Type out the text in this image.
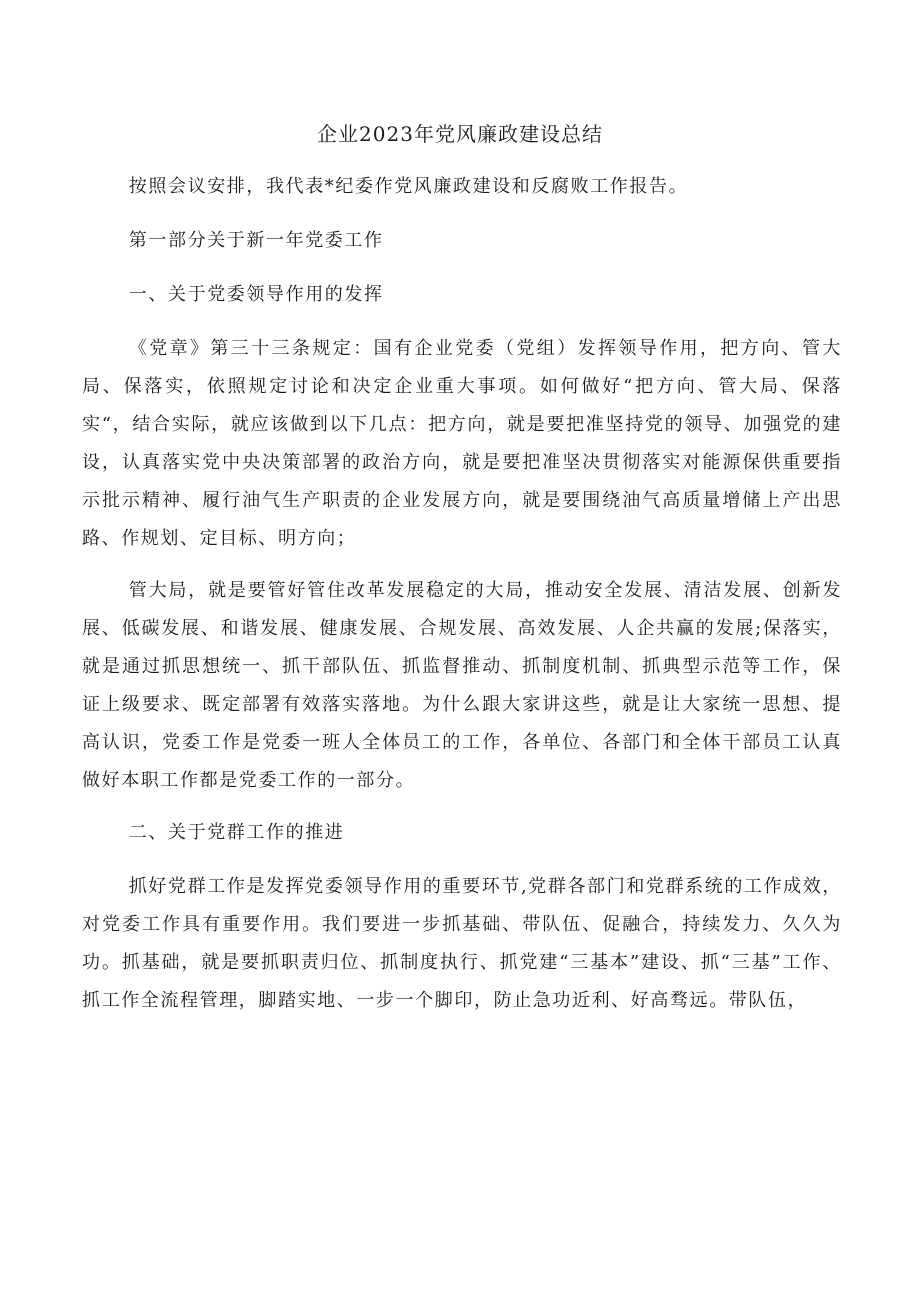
企业2023年党风廉政建设总结

按照会议安排，我代表*纪委作党风廉政建设和反腐败工作报告。

第一部分关于新一年党委工作

一、关于党委领导作用的发挥

《党章》第三十三条规定：国有企业党委（党组）发挥领导作用，把方向、管大局、保落实，依照规定讨论和决定企业重大事项。如何做好“把方向、管大局、保落实“，结合实际，就应该做到以下几点：把方向，就是要把准坚持党的领导、加强党的建设，认真落实党中央决策部署的政治方向，就是要把准坚决贯彻落实对能源保供重要指示批示精神、履行油气生产职责的企业发展方向，就是要围绕油气高质量增储上产出思路、作规划、定目标、明方向；

管大局，就是要管好管住改革发展稳定的大局，推动安全发展、清洁发展、创新发展、低碳发展、和谐发展、健康发展、合规发展、高效发展、人企共赢的发展;保落实，就是通过抓思想统一、抓干部队伍、抓监督推动、抓制度机制、抓典型示范等工作，保证上级要求、既定部署有效落实落地。为什么跟大家讲这些，就是让大家统一思想、提高认识，党委工作是党委一班人全体员工的工作，各单位、各部门和全体干部员工认真做好本职工作都是党委工作的一部分。

二、关于党群工作的推进

抓好党群工作是发挥党委领导作用的重要环节,党群各部门和党群系统的工作成效，对党委工作具有重要作用。我们要进一步抓基础、带队伍、促融合，持续发力、久久为功。抓基础，就是要抓职责归位、抓制度执行、抓党建“三基本”建设、抓“三基”工作、抓工作全流程管理，脚踏实地、一步一个脚印，防止急功近利、好高骛远。带队伍，
